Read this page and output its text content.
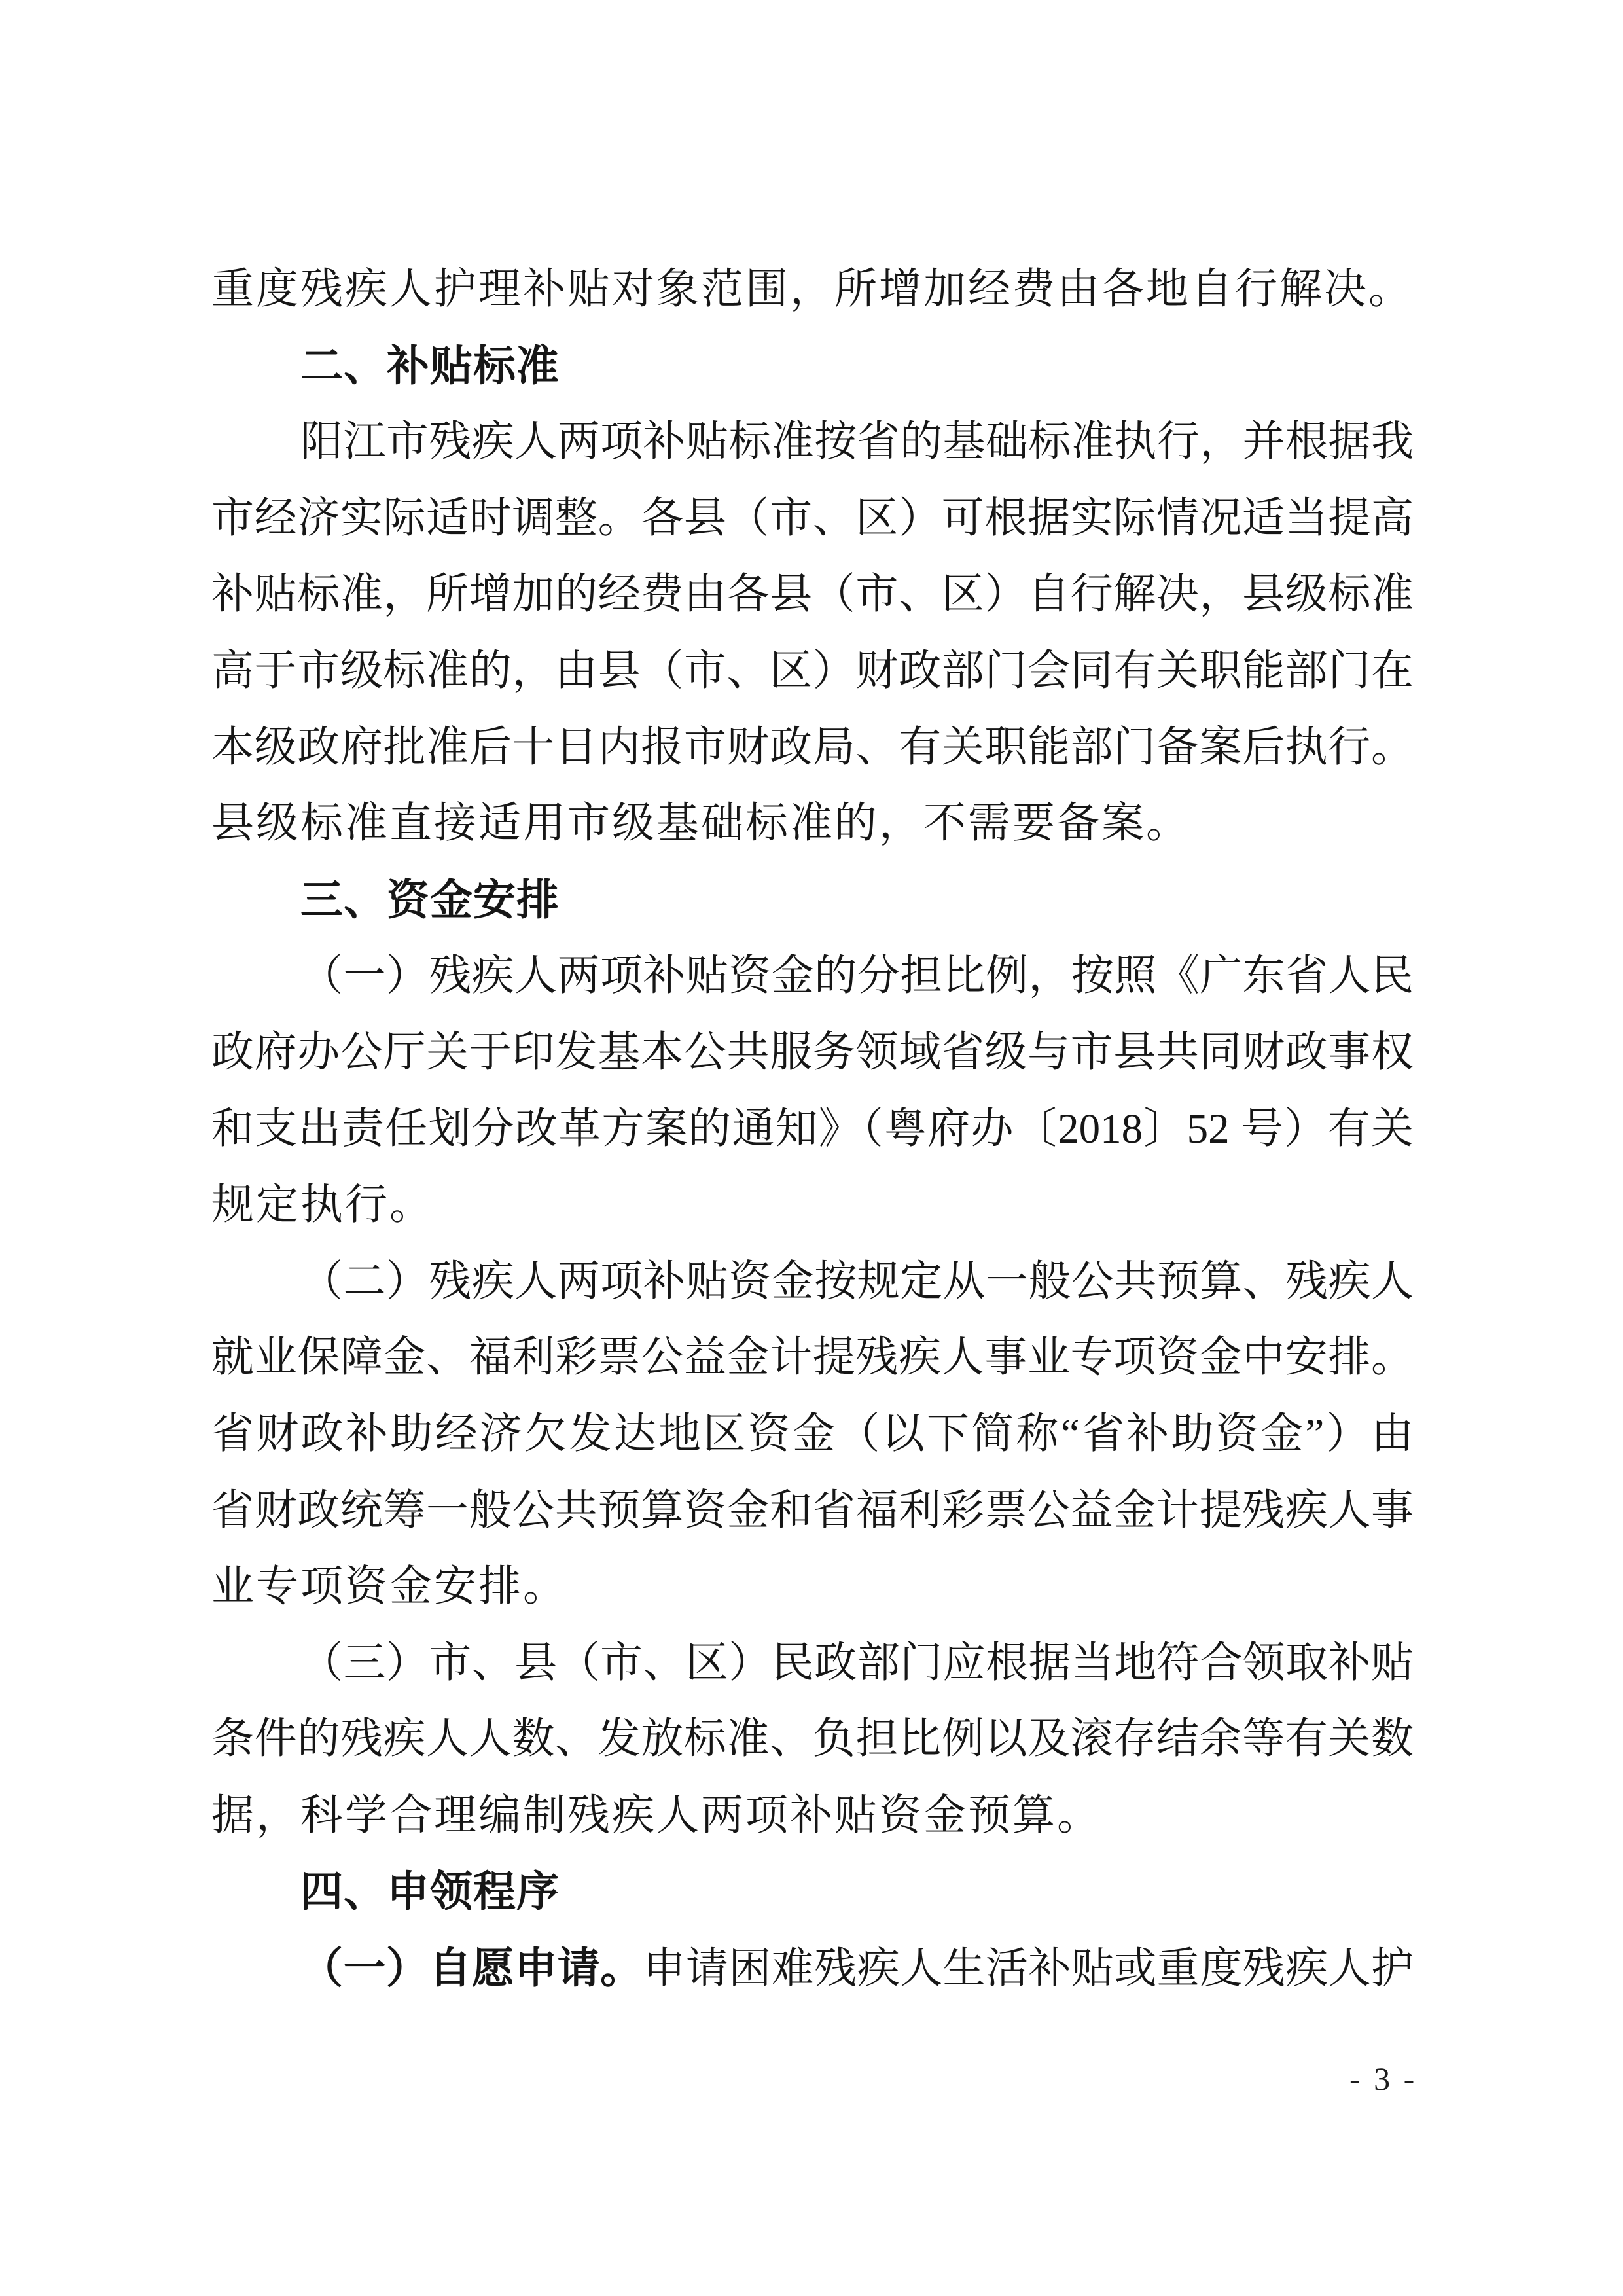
重度残疾人护理补贴对象范围，所增加经费由各地自行解决。
二、补贴标准
阳江市残疾人两项补贴标准按省的基础标准执行，并根据我
市经济实际适时调整。各县（市、区）可根据实际情况适当提高
补贴标准，所增加的经费由各县（市、区）自行解决，县级标准
高于市级标准的，由县（市、区）财政部门会同有关职能部门在
本级政府批准后十日内报市财政局、有关职能部门备案后执行。
县级标准直接适用市级基础标准的，不需要备案。
三、资金安排
（一）残疾人两项补贴资金的分担比例，按照《广东省人民
政府办公厅关于印发基本公共服务领域省级与市县共同财政事权
和支出责任划分改革方案的通知》（粤府办〔2018〕52 号）有关
规定执行。
（二）残疾人两项补贴资金按规定从一般公共预算、残疾人
就业保障金、福利彩票公益金计提残疾人事业专项资金中安排。
省财政补助经济欠发达地区资金（以下简称“省补助资金”）由
省财政统筹一般公共预算资金和省福利彩票公益金计提残疾人事
业专项资金安排。
（三）市、县（市、区）民政部门应根据当地符合领取补贴
条件的残疾人人数、发放标准、负担比例以及滚存结余等有关数
据，科学合理编制残疾人两项补贴资金预算。
四、申领程序
（一）自愿申请。申请困难残疾人生活补贴或重度残疾人护
- 3 -
